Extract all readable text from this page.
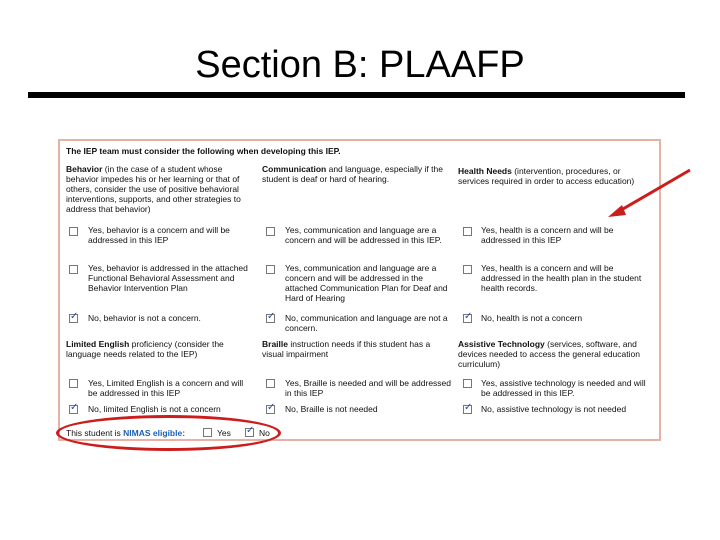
Section B: PLAAFP
The IEP team must consider the following when developing this IEP.
Behavior (in the case of a student whose behavior impedes his or her learning or that of others, consider the use of positive behavioral interventions, supports, and other strategies to address that behavior)
Communication and language, especially if the student is deaf or hard of hearing.
Health Needs (intervention, procedures, or services required in order to access education)
Yes, behavior is a concern and will be addressed in this IEP
Yes, behavior is addressed in the attached Functional Behavioral Assessment and Behavior Intervention Plan
✓
No, behavior is not a concern.
Yes, communication and language are a concern and will be addressed in this IEP.
Yes, communication and language are a concern and will be addressed in the attached Communication Plan for Deaf and Hard of Hearing
✓
No, communication and language are not a concern.
Yes, health is a concern and will be addressed in this IEP
Yes, health is a concern and will be addressed in the health plan in the student health records.
✓
No, health is not a concern
Limited English proficiency (consider the language needs related to the IEP)
Braille instruction needs if this student has a visual impairment
Assistive Technology (services, software, and devices needed to access the general education curriculum)
Yes, Limited English is a concern and will be addressed in this IEP
✓
No, limited English is not a concern
Yes, Braille is needed and will be addressed in this IEP
✓
No, Braille is not needed
Yes, assistive technology is needed and will be addressed in this IEP.
✓
No, assistive technology is not needed
This student is NIMAS eligible:	Yes
✓	No
